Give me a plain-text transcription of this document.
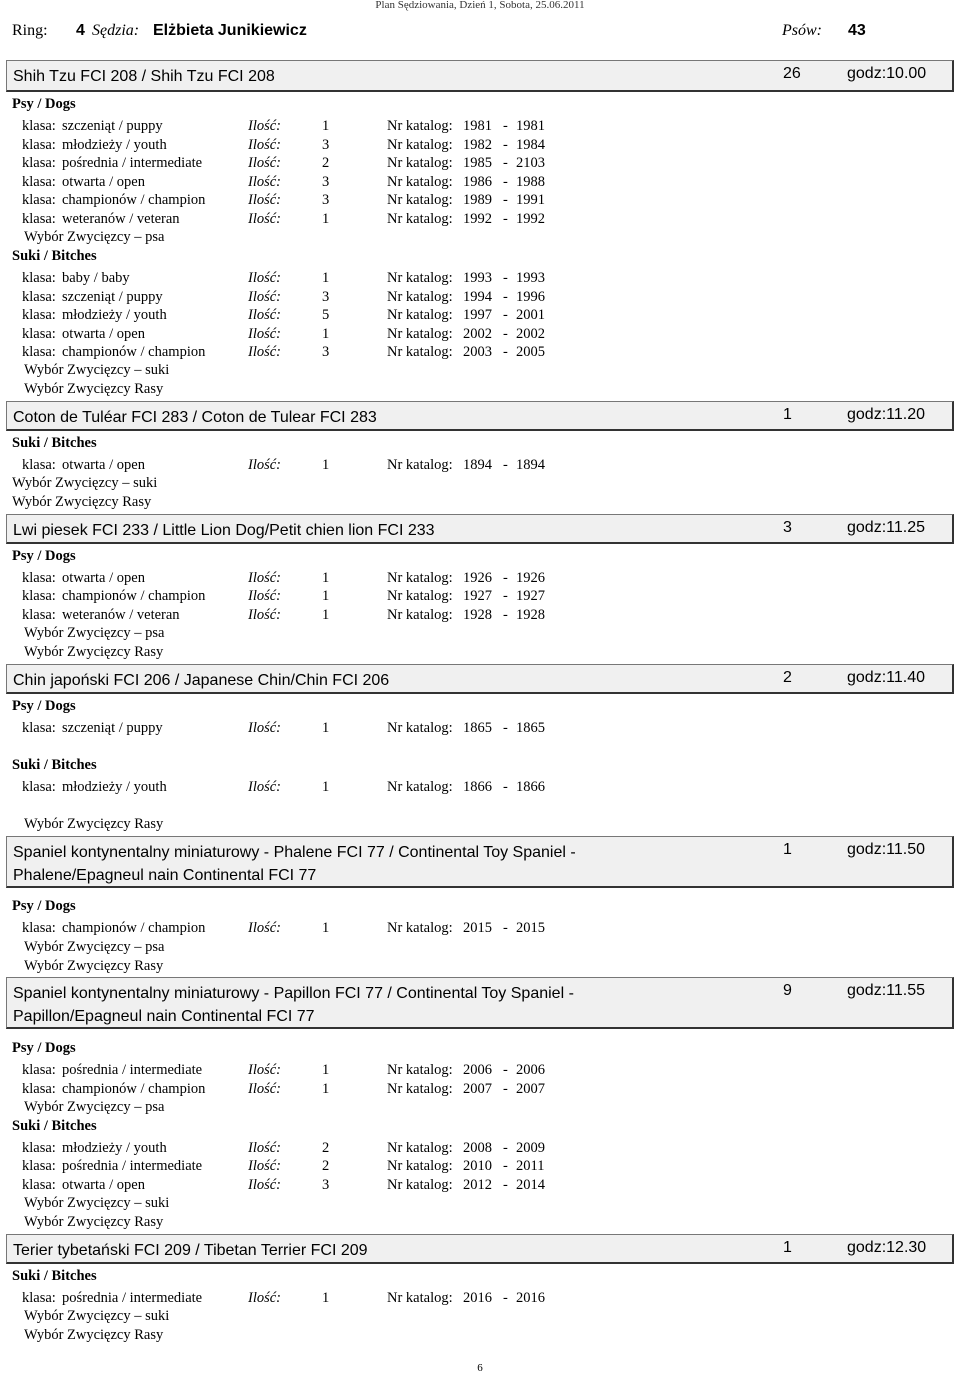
Plan Sędziowania, Dzień 1, Sobota, 25.06.2011
Ring: 4 Sędzia: Elżbieta Junikiewicz	Psów: 43
Shih Tzu FCI 208 / Shih Tzu FCI 208	26	godz:10.00
Psy / Dogs
klasa: szczeniąt / puppy	Ilość:	1	Nr katalog: 1981 - 1981
klasa: młodzieży / youth	Ilość:	3	Nr katalog: 1982 - 1984
klasa: pośrednia / intermediate	Ilość:	2	Nr katalog: 1985 - 2103
klasa: otwarta / open	Ilość:	3	Nr katalog: 1986 - 1988
klasa: championów / champion	Ilość:	3	Nr katalog: 1989 - 1991
klasa: weteranów / veteran	Ilość:	1	Nr katalog: 1992 - 1992
Wybór Zwycięzcy – psa
Suki / Bitches
klasa: baby / baby	Ilość:	1	Nr katalog: 1993 - 1993
klasa: szczeniąt / puppy	Ilość:	3	Nr katalog: 1994 - 1996
klasa: młodzieży / youth	Ilość:	5	Nr katalog: 1997 - 2001
klasa: otwarta / open	Ilość:	1	Nr katalog: 2002 - 2002
klasa: championów / champion	Ilość:	3	Nr katalog: 2003 - 2005
Wybór Zwycięzcy – suki
Wybór Zwycięzcy Rasy
Coton de Tuléar FCI 283 / Coton de Tulear FCI 283	1	godz:11.20
Suki / Bitches
klasa: otwarta / open	Ilość:	1	Nr katalog: 1894 - 1894
Wybór Zwycięzcy – suki
Wybór Zwycięzcy Rasy
Lwi piesek FCI 233 / Little Lion Dog/Petit chien lion FCI 233	3	godz:11.25
Psy / Dogs
klasa: otwarta / open	Ilość:	1	Nr katalog: 1926 - 1926
klasa: championów / champion	Ilość:	1	Nr katalog: 1927 - 1927
klasa: weteranów / veteran	Ilość:	1	Nr katalog: 1928 - 1928
Wybór Zwycięzcy – psa
Wybór Zwycięzcy Rasy
Chin japoński FCI 206 / Japanese Chin/Chin FCI 206	2	godz:11.40
Psy / Dogs
klasa: szczeniąt / puppy	Ilość:	1	Nr katalog: 1865 - 1865
Suki / Bitches
klasa: młodzieży / youth	Ilość:	1	Nr katalog: 1866 - 1866
Wybór Zwycięzcy Rasy
Spaniel kontynentalny miniaturowy - Phalene FCI 77 / Continental Toy Spaniel - Phalene/Epagneul nain Continental FCI 77
1	godz:11.50
Psy / Dogs
klasa: championów / champion	Ilość:	1	Nr katalog: 2015 - 2015
Wybór Zwycięzcy – psa
Wybór Zwycięzcy Rasy
Spaniel kontynentalny miniaturowy - Papillon FCI 77 / Continental Toy Spaniel - Papillon/Epagneul nain Continental FCI 77
9	godz:11.55
Psy / Dogs
klasa: pośrednia / intermediate	Ilość:	1	Nr katalog: 2006 - 2006
klasa: championów / champion	Ilość:	1	Nr katalog: 2007 - 2007
Wybór Zwycięzcy – psa
Suki / Bitches
klasa: młodzieży / youth	Ilość:	2	Nr katalog: 2008 - 2009
klasa: pośrednia / intermediate	Ilość:	2	Nr katalog: 2010 - 2011
klasa: otwarta / open	Ilość:	3	Nr katalog: 2012 - 2014
Wybór Zwycięzcy – suki
Wybór Zwycięzcy Rasy
Terier tybetański FCI 209 / Tibetan Terrier FCI 209	1	godz:12.30
Suki / Bitches
klasa: pośrednia / intermediate	Ilość:	1	Nr katalog: 2016 - 2016
Wybór Zwycięzcy – suki
Wybór Zwycięzcy Rasy
6
